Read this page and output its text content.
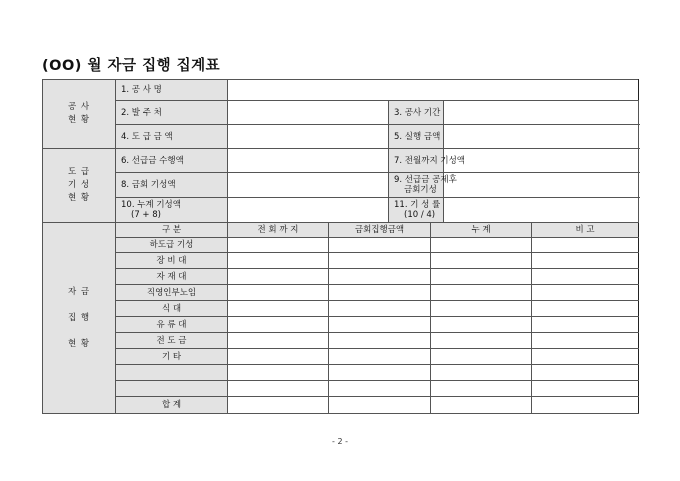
(OO) 월 자금 집행 집계표
공 사
현 황	1. 공 사 명						
	2. 발 주 처			3. 공사 기간			
	4. 도 급 금 액			5. 실행 금액			

도 급
기 성
현 황	6. 선급금 수행액			7. 전월까지 기성액			
	8. 금회 기성액			9. 선급금 공제후
금회기성			

	10. 누계 기성액
(7 + 8)			11. 기 성 률
(10 / 4)			

자 금
집 행
현 황	구 분	전 회 까 지	금회집행금액		누 계		비 고
	하도급 기성						
	장 비 대						
	자 재 대						
	직영인부노임						
	식 대						
	유 류 대						
	전 도 금						
	기 타						

	합 계						
- 2 -
